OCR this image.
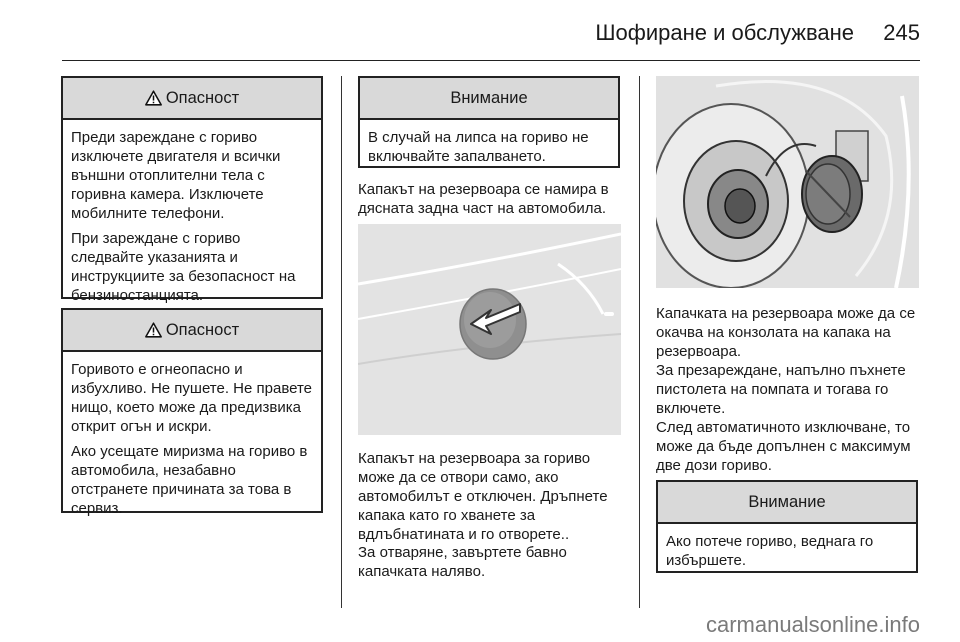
Шофиране и обслужване 245
Опасност

Преди зареждане с гориво изключете двигателя и всички външни отоплителни тела с горивна камера. Изключете мобилните телефони.

При зареждане с гориво следвайте указанията и инструкциите за безопасност на бензиностанцията.

Опасност

Горивото е огнеопасно и избухливо. Не пушете. Не правете нищо, което може да предизвика открит огън и искри.

Ако усещате миризма на гориво в автомобила, незабавно отстранете причината за това в сервиз.

Внимание

В случай на липса на гориво не включвайте запалването.

Капакът на резервоара се намира в дясната задна част на автомобила.

Капакът на резервоара за гориво може да се отвори само, ако автомобилът е отключен. Дръпнете капака като го хванете за вдлъбнатината и го отворете..

За отваряне, завъртете бавно капачката наляво.

Капачката на резервоара може да се окачва на конзолата на капака на резервоара.

За презареждане, напълно пъхнете пистолета на помпата и тогава го включете.

След автоматичното изключване, то може да бъде допълнен с максимум две дози гориво.

Внимание

Ако потече гориво, веднага го избършете.

carmanualsonline.info
